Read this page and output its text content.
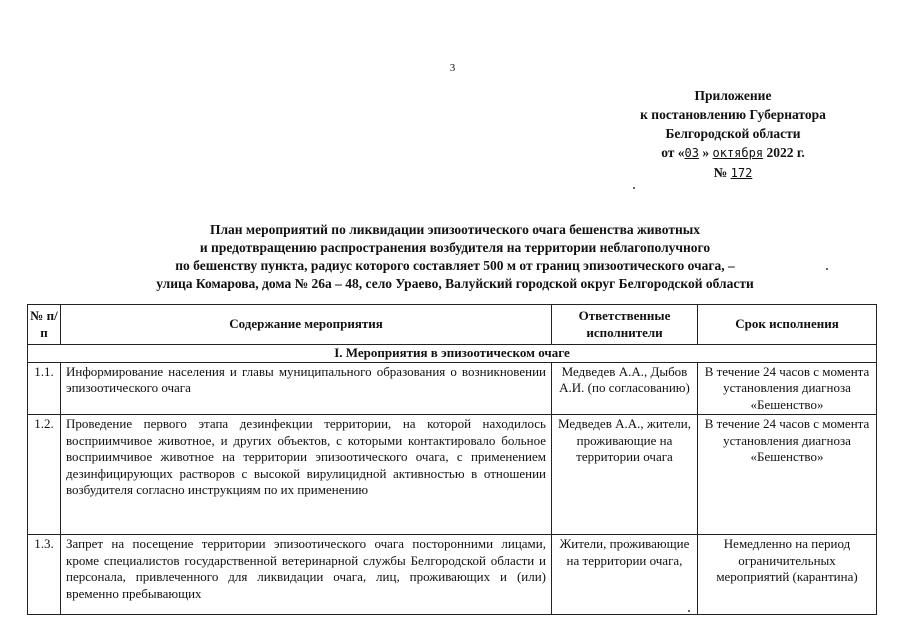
3
Приложение
к постановлению Губернатора
Белгородской области
от «03 » октября 2022 г.
№ 172
План мероприятий по ликвидации эпизоотического очага бешенства животных
и предотвращению распространения возбудителя на территории неблагополучного
по бешенству пункта, радиус которого составляет 500 м от границ эпизоотического очага, –
улица Комарова, дома № 26а – 48, село Ураево, Валуйский городской округ Белгородской области
№ п/п	Содержание мероприятия	Ответственные исполнители	Срок исполнения
I. Мероприятия в эпизоотическом очаге			
1.1.	Информирование населения и главы муниципального образования о возникновении эпизоотического очага	Медведев А.А., Дыбов А.И. (по согласованию)	В течение 24 часов с момента установления диагноза «Бешенство»
1.2.	Проведение первого этапа дезинфекции территории, на которой находилось восприимчивое животное, и других объектов, с которыми контактировало больное восприимчивое животное на территории эпизоотического очага, с применением дезинфицирующих растворов с высокой вирулицидной активностью в отношении возбудителя согласно инструкциям по их применению	Медведев А.А., жители, проживающие на территории очага	В течение 24 часов с момента установления диагноза «Бешенство»
1.3.	Запрет на посещение территории эпизоотического очага посторонними лицами, кроме специалистов государственной ветеринарной службы Белгородской области и персонала, привлеченного для ликвидации очага, лиц, проживающих и (или) временно пребывающих	Жители, проживающие на территории очага,	Немедленно на период ограничительных мероприятий (карантина)
